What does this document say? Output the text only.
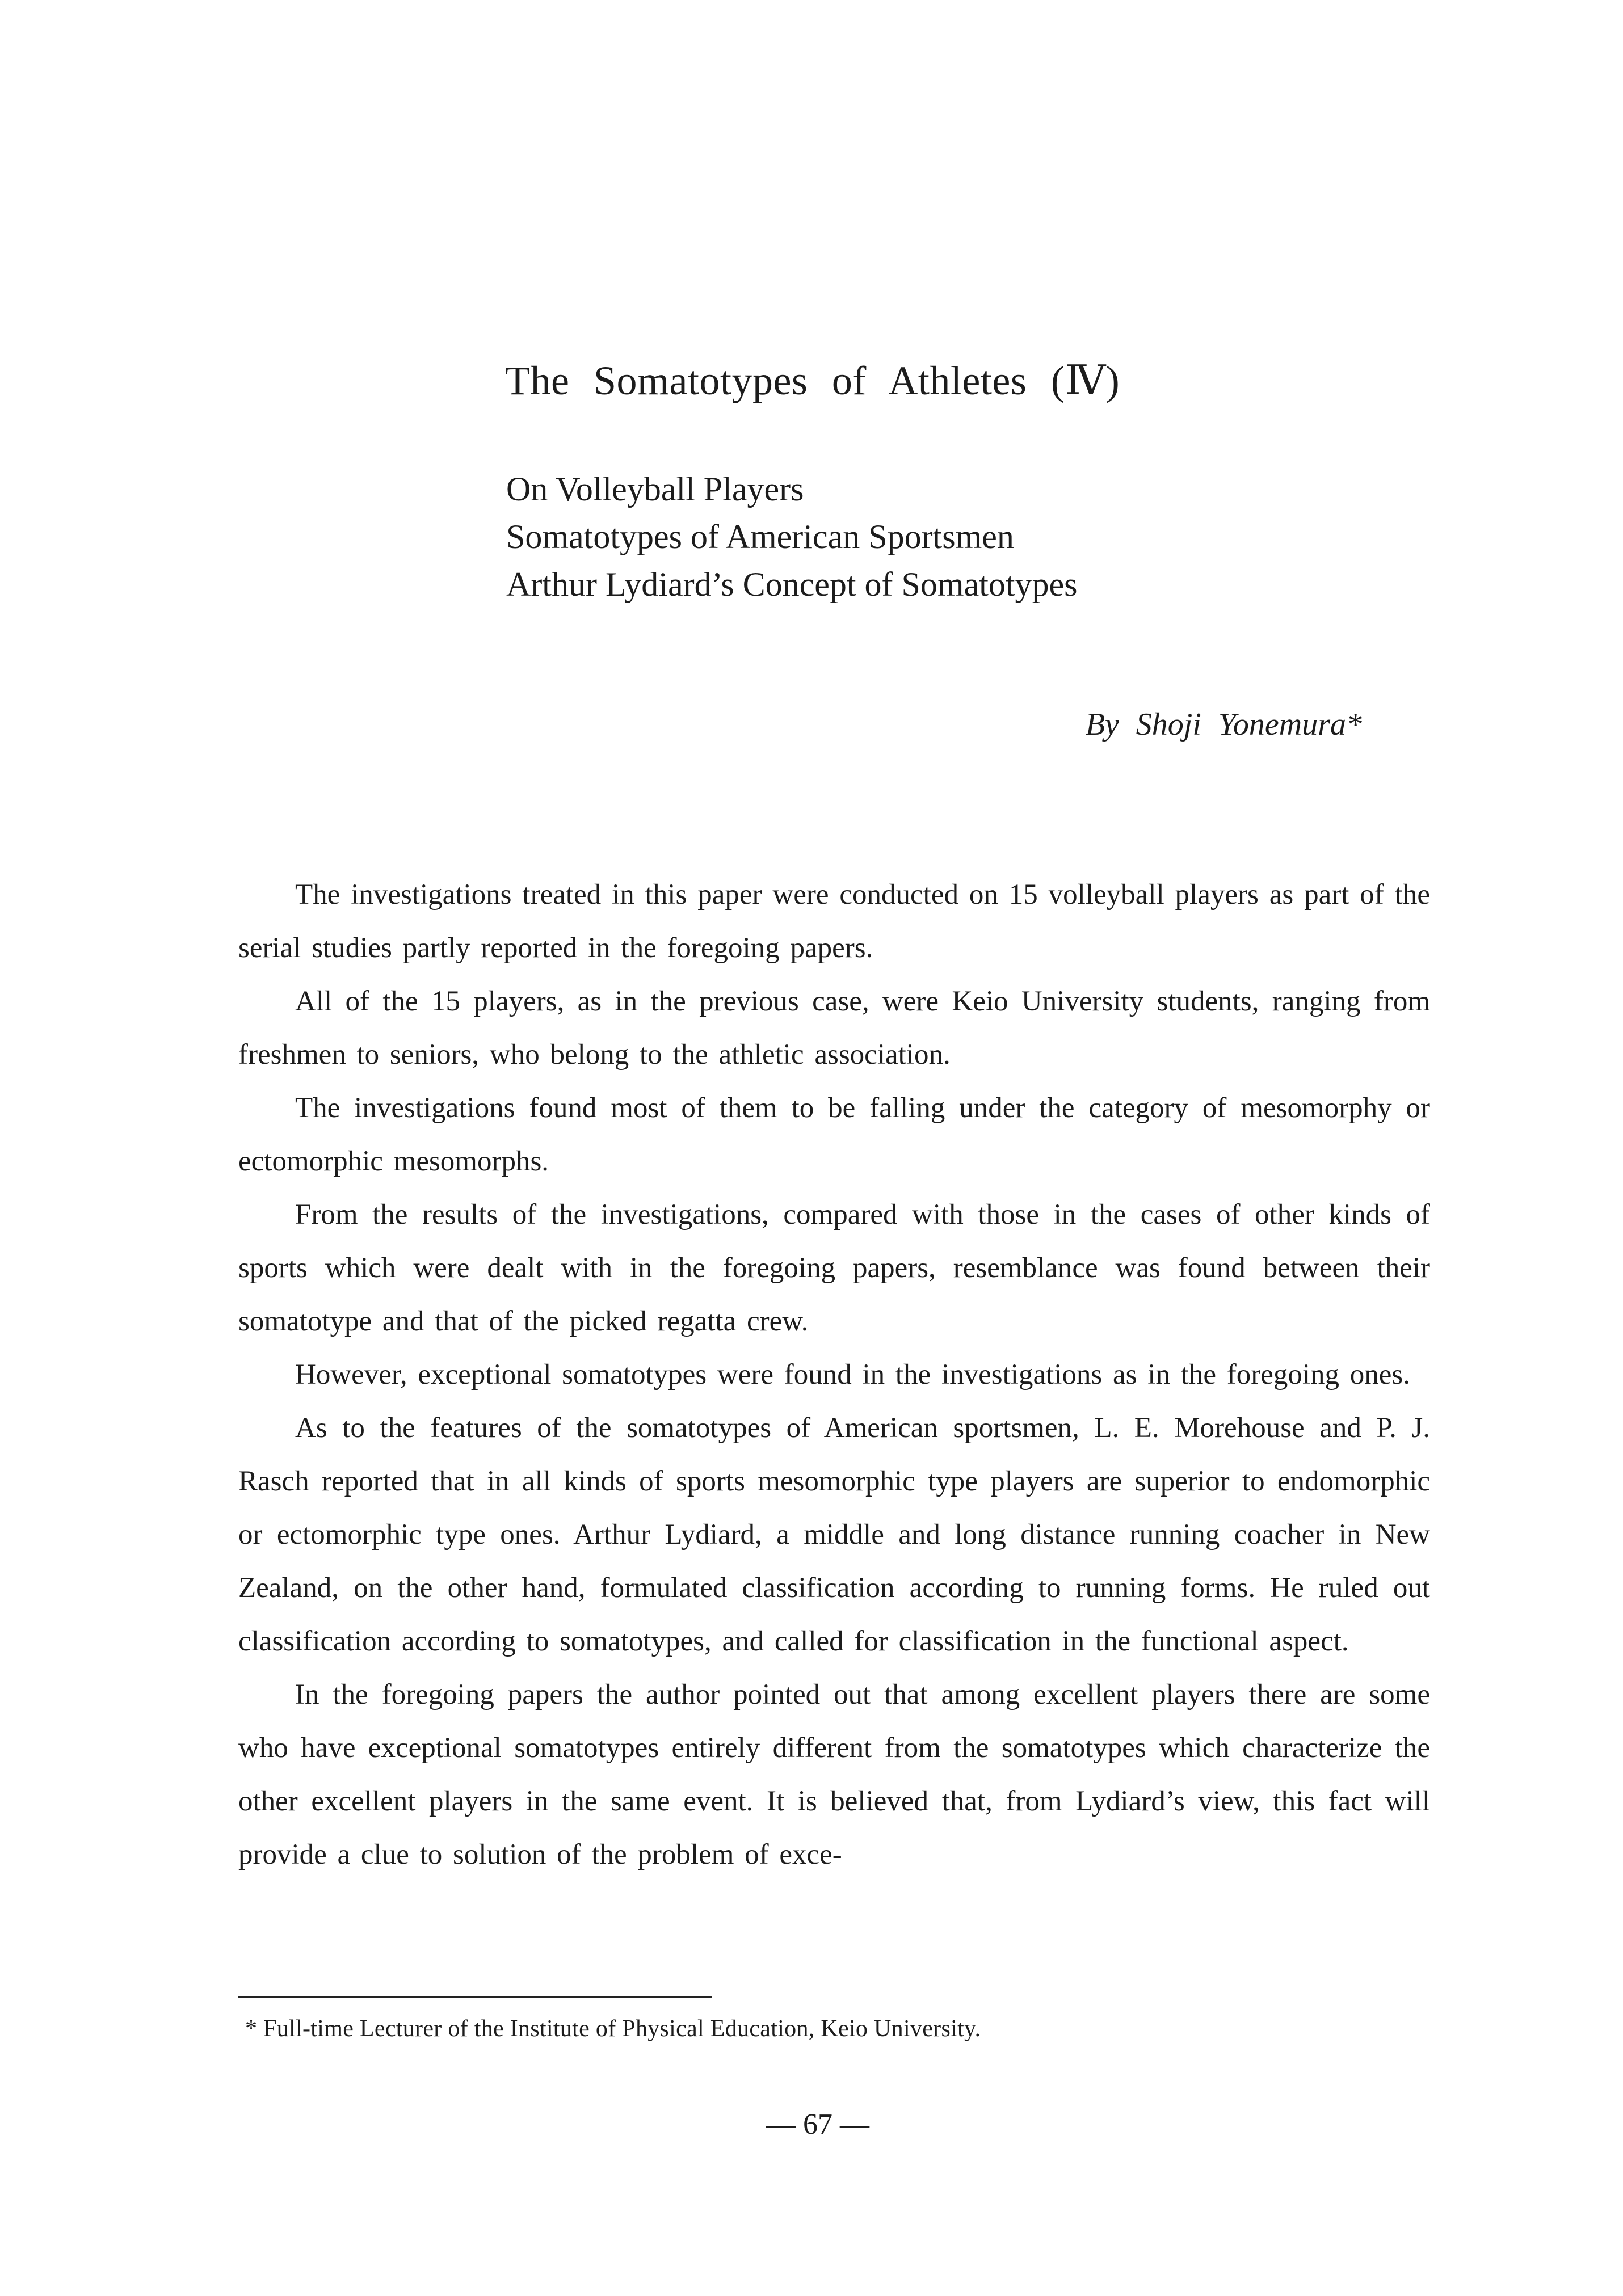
The Somatotypes of Athletes (Ⅳ)
On Volleyball Players
Somatotypes of American Sportsmen
Arthur Lydiard’s Concept of Somatotypes
By Shoji Yonemura*

The investigations treated in this paper were conducted on 15 volleyball players as part of the serial studies partly reported in the foregoing papers.

All of the 15 players, as in the previous case, were Keio University students, ranging from freshmen to seniors, who belong to the athletic association.

The investigations found most of them to be falling under the category of mesomorphy or ectomorphic mesomorphs.

From the results of the investigations, compared with those in the cases of other kinds of sports which were dealt with in the foregoing papers, resemblance was found between their somatotype and that of the picked regatta crew.

However, exceptional somatotypes were found in the investigations as in the foregoing ones.

As to the features of the somatotypes of American sportsmen, L. E. Morehouse and P. J. Rasch reported that in all kinds of sports mesomorphic type players are superior to endomorphic or ectomorphic type ones. Arthur Lydiard, a middle and long distance running coacher in New Zealand, on the other hand, formulated classification according to running forms. He ruled out classification according to somatotypes, and called for classification in the functional aspect.

In the foregoing papers the author pointed out that among excellent players there are some who have exceptional somatotypes entirely different from the somatotypes which characterize the other excellent players in the same event. It is believed that, from Lydiard’s view, this fact will provide a clue to solution of the problem of exce-

* Full-time Lecturer of the Institute of Physical Education, Keio University.
— 67 —
